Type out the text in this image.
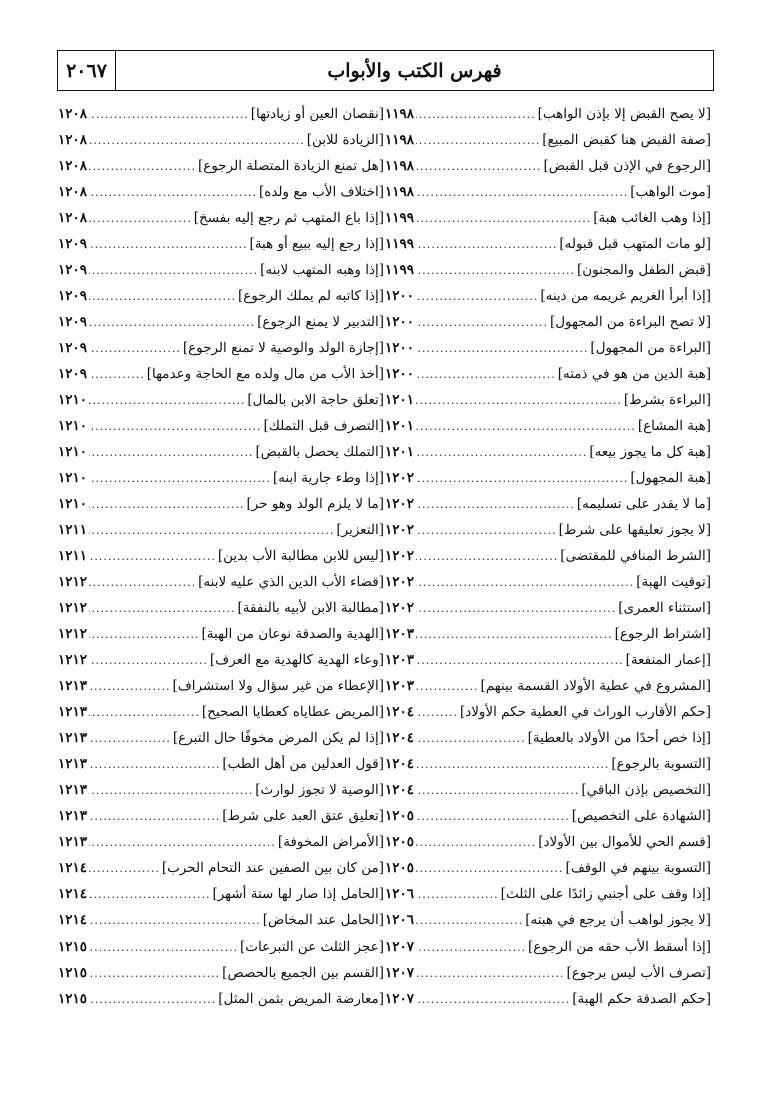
٢٠٦٧	فهرس الكتب والأبواب
[لا يصح القبض إلا بإذن الواهب]
.....
١١٩٨
[صفة القبض هنا كقبض المبيع]
.....
١١٩٨
[الرجوع في الإذن قبل القبض]
.....
١١٩٨
[موت الواهب]
.....
١١٩٨
[إذا وهب الغائب هبة]
.....
١١٩٩
[لو مات المتهب قبل قبوله]
.....
١١٩٩
[قبض الطفل والمجنون]
.....
١١٩٩
[إذا أبرأ الغريم غريمه من دينه]
.....
١٢٠٠
[لا تصح البراءة من المجهول]
.....
١٢٠٠
[البراءة من المجهول]
.....
١٢٠٠
[هبة الدين من هو في ذمته]
.....
١٢٠٠
[البراءة بشرط]
.....
١٢٠١
[هبة المشاع]
.....
١٢٠١
[هبة كل ما يجوز بيعه]
.....
١٢٠١
[هبة المجهول]
.....
١٢٠٢
[ما لا يقدر على تسليمه]
.....
١٢٠٢
[لا يجوز تعليقها على شرط]
.....
١٢٠٢
[الشرط المنافي للمقتضى]
.....
١٢٠٢
[توقيت الهبة]
.....
١٢٠٢
[استثناء العمرى]
.....
١٢٠٢
[اشتراط الرجوع]
.....
١٢٠٣
[إعمار المنفعة]
.....
١٢٠٣
[المشروع في عطية الأولاد القسمة بينهم]
.....
١٢٠٣
[حكم الأقارب الوراث في العطية حكم الأولاد]
.....
١٢٠٤
[إذا خص أحدًا من الأولاد بالعطية]
.....
١٢٠٤
[التسوية بالرجوع]
.....
١٢٠٤
[التخصيص بإذن الباقي]
.....
١٢٠٤
[الشهادة على التخصيص]
.....
١٢٠٥
[قسم الحي للأموال بين الأولاد]
.....
١٢٠٥
[التسوية بينهم في الوقف]
.....
١٢٠٥
[إذا وقف على أجنبي زائدًا على الثلث]
.....
١٢٠٦
[لا يجوز لواهب أن يرجع في هبته]
.....
١٢٠٦
[إذا أسقط الأب حقه من الرجوع]
.....
١٢٠٧
[تصرف الأب ليس برجوع]
.....
١٢٠٧
[حكم الصدقة حكم الهبة]
.....
١٢٠٧
[نقصان العين أو زيادتها]
.....
١٢٠٨
[الزيادة للابن]
.....
١٢٠٨
[هل تمنع الزيادة المتصلة الرجوع]
.....
١٢٠٨
[اختلاف الأب مع ولده]
.....
١٢٠٨
[إذا باع المتهب ثم رجع إليه بفسخ]
.....
١٢٠٨
[إذا رجع إليه ببيع أو هبة]
.....
١٢٠٩
[إذا وهبه المتهب لابنه]
.....
١٢٠٩
[إذا كاتبه لم يملك الرجوع]
.....
١٢٠٩
[التدبير لا يمنع الرجوع]
.....
١٢٠٩
[إجازة الولد والوصية لا تمنع الرجوع]
.....
١٢٠٩
[أخذ الأب من مال ولده مع الحاجة وعدمها]
.....
١٢٠٩
[تعلق حاجة الابن بالمال]
.....
١٢١٠
[التصرف قبل التملك]
.....
١٢١٠
[التملك يحصل بالقبض]
.....
١٢١٠
[إذا وطء جارية ابنه]
.....
١٢١٠
[ما لا يلزم الولد وهو حر]
.....
١٢١٠
[التعزير]
.....
١٢١١
[ليس للابن مطالبة الأب بدين]
.....
١٢١١
[قضاء الأب الدين الذي عليه لابنه]
.....
١٢١٢
[مطالبة الابن لأبيه بالنفقة]
.....
١٢١٢
[الهدية والصدقة نوعان من الهبة]
.....
١٢١٢
[وعاء الهدية كالهدية مع العرف]
.....
١٢١٢
[الإعطاء من غير سؤال ولا استشراف]
.....
١٢١٣
[المريض عطاياه كعطايا الصحيح]
.....
١٢١٣
[إذا لم يكن المرض مخوفًا حال التبرع]
.....
١٢١٣
[قول العدلين من أهل الطب]
.....
١٢١٣
[الوصية لا تجوز لوارث]
.....
١٢١٣
[تعليق عتق العبد على شرط]
.....
١٢١٣
[الأمراض المخوفة]
.....
١٢١٣
[من كان بين الصفين عند التحام الحرب]
.....
١٢١٤
[الحامل إذا صار لها ستة أشهر]
.....
١٢١٤
[الحامل عند المخاض]
.....
١٢١٤
[عجز الثلث عن التبرعات]
.....
١٢١٥
[القسم بين الجميع بالحصص]
.....
١٢١٥
[معارضة المريض بثمن المثل]
.....
١٢١٥
